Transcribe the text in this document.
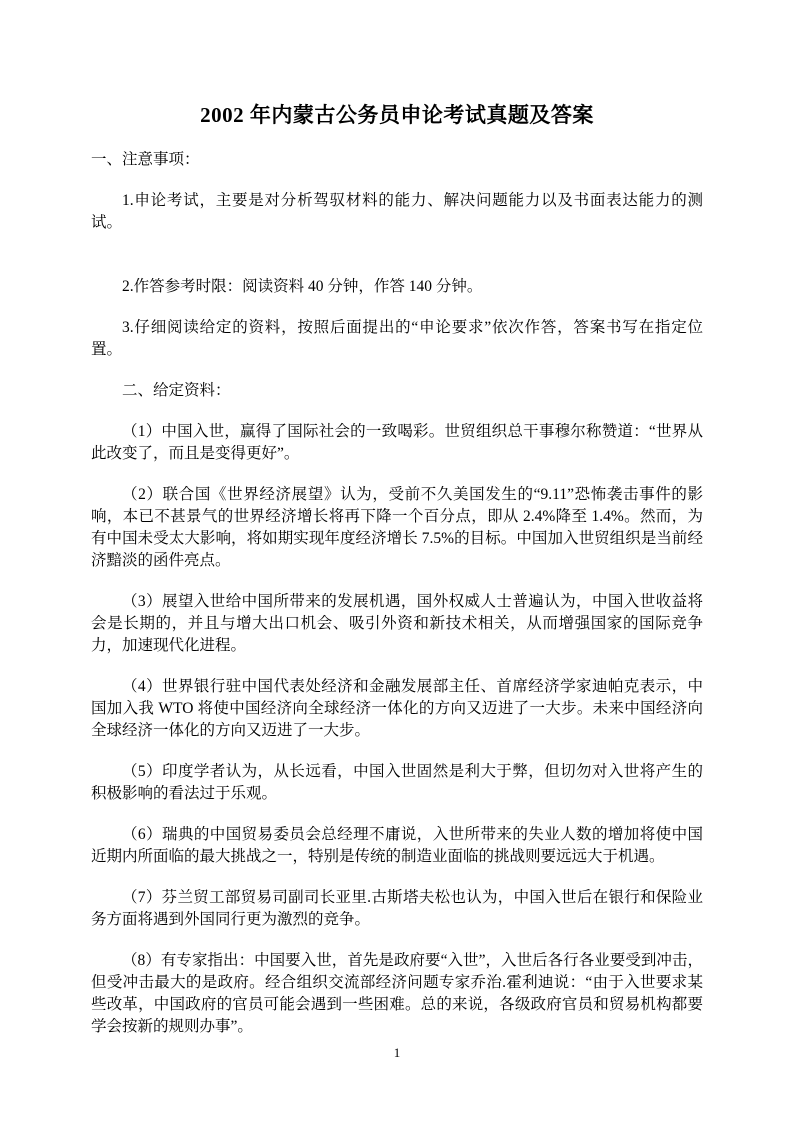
2002 年内蒙古公务员申论考试真题及答案

一、注意事项：

1.申论考试，主要是对分析驾驭材料的能力、解决问题能力以及书面表达能力的测试。

2.作答参考时限：阅读资料 40 分钟，作答 140 分钟。

3.仔细阅读给定的资料，按照后面提出的“申论要求”依次作答，答案书写在指定位置。

二、给定资料：

（1）中国入世，赢得了国际社会的一致喝彩。世贸组织总干事穆尔称赞道：“世界从此改变了，而且是变得更好”。

（2）联合国《世界经济展望》认为，受前不久美国发生的“9.11”恐怖袭击事件的影响，本已不甚景气的世界经济增长将再下降一个百分点，即从 2.4%降至 1.4%。然而，为有中国未受太大影响，将如期实现年度经济增长 7.5%的目标。中国加入世贸组织是当前经济黯淡的函件亮点。

（3）展望入世给中国所带来的发展机遇，国外权威人士普遍认为，中国入世收益将会是长期的，并且与增大出口机会、吸引外资和新技术相关，从而增强国家的国际竞争力，加速现代化进程。

（4）世界银行驻中国代表处经济和金融发展部主任、首席经济学家迪帕克表示，中国加入我 WTO 将使中国经济向全球经济一体化的方向又迈进了一大步。未来中国经济向全球经济一体化的方向又迈进了一大步。

（5）印度学者认为，从长远看，中国入世固然是利大于弊，但切勿对入世将产生的积极影响的看法过于乐观。

（6）瑞典的中国贸易委员会总经理不庸说，入世所带来的失业人数的增加将使中国近期内所面临的最大挑战之一，特别是传统的制造业面临的挑战则要远远大于机遇。

（7）芬兰贸工部贸易司副司长亚里.古斯塔夫松也认为，中国入世后在银行和保险业务方面将遇到外国同行更为激烈的竞争。

（8）有专家指出：中国要入世，首先是政府要“入世”，入世后各行各业要受到冲击，但受冲击最大的是政府。经合组织交流部经济问题专家乔治.霍利迪说：“由于入世要求某些改革，中国政府的官员可能会遇到一些困难。总的来说，各级政府官员和贸易机构都要学会按新的规则办事”。

1
